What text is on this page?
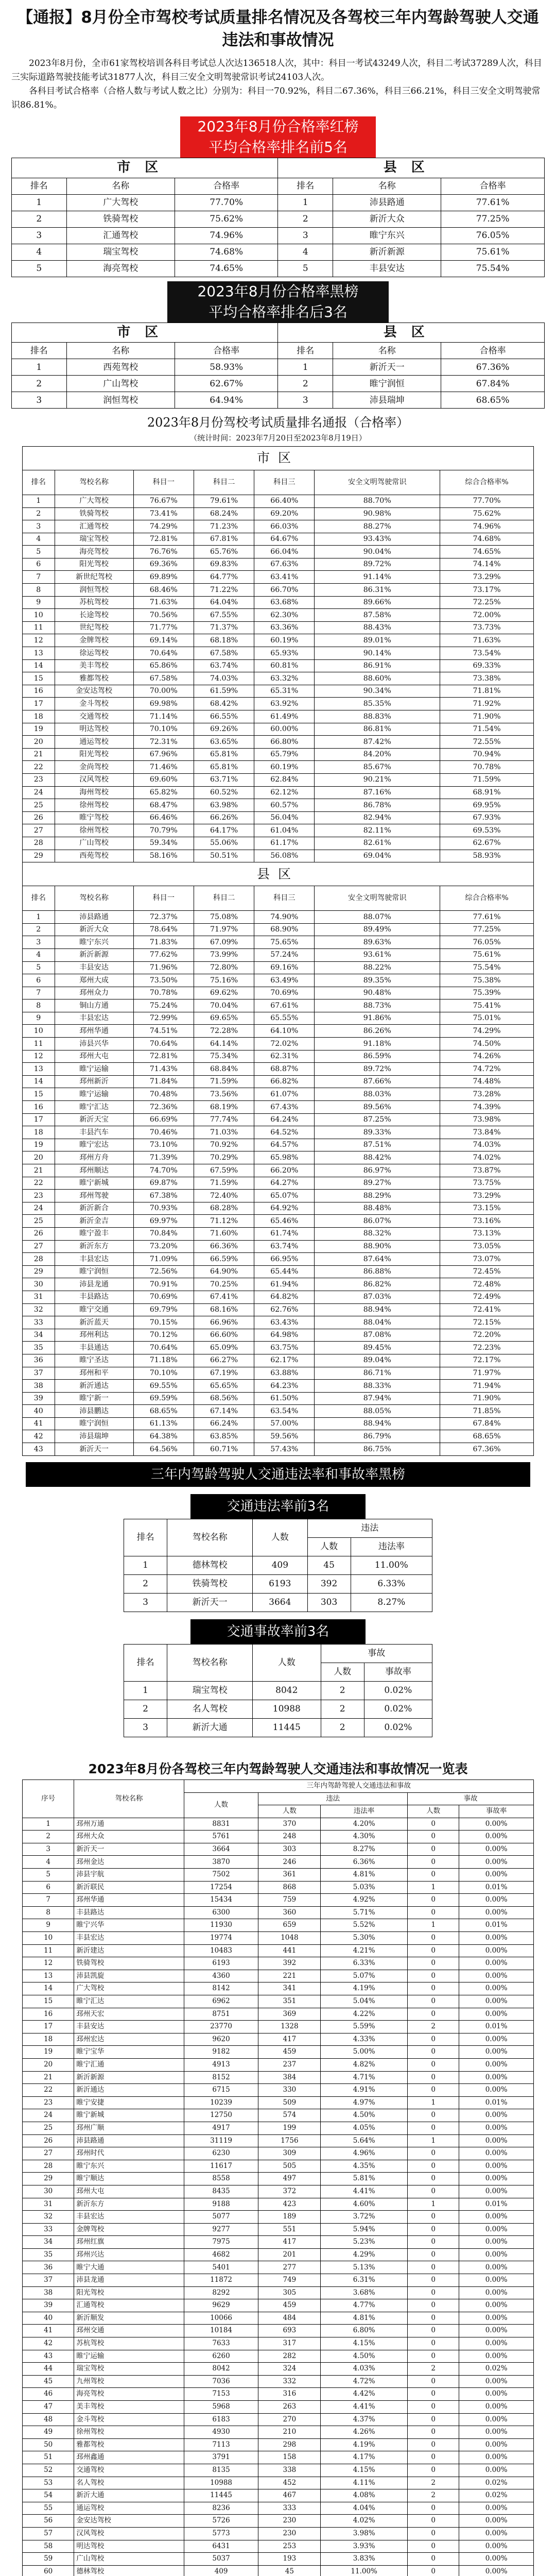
【通报】8月份全市驾校考试质量排名情况及各驾校三年内驾龄驾驶人交通违法和事故情况

2023年8月份，全市61家驾校培训各科目考试总人次达136518人次，其中：科目一考试43249人次，科目二考试37289人次，科目三实际道路驾驶技能考试31877人次，科目三安全文明驾驶常识考试24103人次。

各科目考试合格率（合格人数与考试人数之比）分别为：科目一70.92%，科目二67.36%，科目三66.21%，科目三安全文明驾驶常识86.81%。

2023年8月份合格率红榜
平均合格率排名前5名
市区			县区		
排名	名称	合格率	排名	名称	合格率
1	广大驾校	77.70%	1	沛县路通	77.61%
2	铁骑驾校	75.62%	2	新沂大众	77.25%
3	汇通驾校	74.96%	3	睢宁东兴	76.05%
4	瑞宝驾校	74.68%	4	新沂新源	75.61%
5	海亮驾校	74.65%	5	丰县安达	75.54%
2023年8月份合格率黑榜
平均合格率排名后3名
市区			县区		
排名	名称	合格率	排名	名称	合格率
1	西苑驾校	58.93%	1	新沂天一	67.36%
2	广山驾校	62.67%	2	睢宁润恒	67.84%
3	润恒驾校	64.94%	3	沛县瑞坤	68.65%
2023年8月份驾校考试质量排名通报（合格率）
（统计时间：2023年7月20日至2023年8月19日）
市区						
排名	驾校名称	科目一	科目二	科目三	安全文明驾驶常识	综合合格率%
1	广大驾校	76.67%	79.61%	66.40%	88.70%	77.70%
2	铁骑驾校	73.41%	68.24%	69.20%	90.98%	75.62%
3	汇通驾校	74.29%	71.23%	66.03%	88.27%	74.96%
4	瑞宝驾校	72.81%	67.81%	64.67%	93.43%	74.68%
5	海亮驾校	76.76%	65.76%	66.04%	90.04%	74.65%
6	阳光驾校	69.36%	69.83%	67.63%	89.72%	74.14%
7	新世纪驾校	69.89%	64.77%	63.41%	91.14%	73.29%
8	润恒驾校	68.46%	71.22%	66.70%	86.31%	73.17%
9	苏杭驾校	71.63%	64.04%	63.68%	89.66%	72.25%
10	长途驾校	70.56%	67.55%	62.30%	87.58%	72.00%
11	世纪驾校	71.77%	71.37%	63.36%	88.43%	73.73%
12	金牌驾校	69.14%	68.18%	60.19%	89.01%	71.63%
13	徐运驾校	70.64%	67.58%	65.93%	90.14%	73.54%
14	美丰驾校	65.86%	63.74%	60.81%	86.91%	69.33%
15	雅都驾校	67.58%	74.03%	63.32%	88.60%	73.38%
16	金安达驾校	70.00%	61.59%	65.31%	90.34%	71.81%
17	金斗驾校	69.98%	68.42%	63.92%	85.35%	71.92%
18	交通驾校	71.14%	66.55%	61.49%	88.83%	71.90%
19	明达驾校	70.10%	69.26%	60.00%	86.81%	71.54%
20	通运驾校	72.31%	63.65%	66.80%	87.42%	72.55%
21	阳光驾校	67.96%	65.81%	65.79%	84.20%	70.94%
22	金尚驾校	71.46%	65.81%	60.19%	85.67%	70.78%
23	汉风驾校	69.60%	63.71%	62.84%	90.21%	71.59%
24	海州驾校	65.82%	60.52%	62.12%	87.16%	68.91%
25	徐州驾校	68.47%	63.98%	60.57%	86.78%	69.95%
26	睢宁驾校	66.46%	66.26%	56.04%	82.94%	67.93%
27	徐州驾校	70.79%	64.17%	61.04%	82.11%	69.53%
28	广山驾校	59.34%	55.06%	61.17%	82.61%	62.67%
29	西苑驾校	58.16%	50.51%	56.08%	69.04%	58.93%
县区						
排名	驾校名称	科目一	科目二	科目三	安全文明驾驶常识	综合合格率%
1	沛县路通	72.37%	75.08%	74.90%	88.07%	77.61%
2	新沂大众	78.64%	71.97%	68.90%	89.49%	77.25%
3	睢宁东兴	71.83%	67.09%	75.65%	89.63%	76.05%
4	新沂新源	77.62%	73.99%	57.24%	93.61%	75.61%
5	丰县安达	71.96%	72.80%	69.16%	88.22%	75.54%
6	郑州大成	73.50%	75.16%	63.49%	89.35%	75.38%
7	邳州众力	70.78%	69.62%	70.69%	90.48%	75.39%
8	铜山方通	75.24%	70.04%	67.61%	88.73%	75.41%
9	丰县宏达	72.99%	69.65%	65.55%	91.86%	75.01%
10	邳州华通	74.51%	72.28%	64.10%	86.26%	74.29%
11	沛县兴华	70.64%	64.14%	72.02%	91.18%	74.50%
12	邳州大屯	72.81%	75.34%	62.31%	86.59%	74.26%
13	睢宁运输	71.43%	68.84%	68.87%	89.72%	74.72%
14	邳州新沂	71.84%	71.59%	66.82%	87.66%	74.48%
15	睢宁运输	70.48%	73.56%	61.07%	88.03%	73.28%
16	睢宁汇达	72.36%	68.19%	67.43%	89.56%	74.39%
17	新沂天宝	66.69%	77.74%	64.24%	87.25%	73.98%
18	丰县汽车	70.46%	71.03%	64.52%	89.33%	73.84%
19	睢宁宏达	73.10%	70.92%	64.57%	87.51%	74.03%
20	邳州方舟	71.39%	70.29%	65.98%	88.42%	74.02%
21	邳州顺达	74.70%	67.59%	66.20%	86.97%	73.87%
22	睢宁新城	69.87%	71.59%	64.27%	89.27%	73.75%
23	邳州驾驶	67.38%	72.40%	65.07%	88.29%	73.29%
24	新沂新合	70.93%	68.28%	64.92%	88.48%	73.15%
25	新沂金吉	69.97%	71.12%	65.46%	86.07%	73.16%
26	睢宁盈丰	70.84%	71.60%	61.74%	88.32%	73.13%
27	新沂东方	73.20%	66.36%	63.74%	88.90%	73.05%
28	丰县宏达	71.09%	66.59%	66.95%	87.64%	73.07%
29	睢宁润恒	72.56%	64.90%	65.44%	86.88%	72.45%
30	沛县龙通	70.91%	70.25%	61.94%	86.82%	72.48%
31	丰县路达	70.69%	67.41%	64.82%	87.03%	72.49%
32	睢宁交通	69.79%	68.16%	62.76%	88.94%	72.41%
33	新沂蓝天	70.15%	66.96%	63.43%	88.04%	72.15%
34	邳州利达	70.12%	66.60%	64.98%	87.08%	72.20%
35	丰县通达	70.64%	65.09%	63.75%	89.45%	72.23%
36	睢宁圣达	71.18%	66.27%	62.17%	89.04%	72.17%
37	邳州和平	70.10%	67.19%	63.88%	86.71%	71.97%
38	新沂通达	69.55%	65.65%	64.23%	88.33%	71.94%
39	睢宁新一	69.59%	68.56%	61.50%	87.94%	71.90%
40	沛县鹏达	68.65%	67.14%	63.54%	88.05%	71.85%
41	睢宁润恒	61.13%	66.24%	57.00%	88.94%	67.84%
42	沛县瑞坤	64.38%	63.85%	59.56%	86.79%	68.65%
43	新沂天一	64.56%	60.71%	57.43%	86.75%	67.36%
三年内驾龄驾驶人交通违法率和事故率黑榜
交通违法率前3名
排名	驾校名称	人数	违法	
			人数	违法率
1	德林驾校	409	45	11.00%
2	铁骑驾校	6193	392	6.33%
3	新沂天一	3664	303	8.27%
交通事故率前3名
排名	驾校名称	人数	事故	
			人数	事故率
1	瑞宝驾校	8042	2	0.02%
2	名人驾校	10988	2	0.02%
3	新沂大通	11445	2	0.02%
2023年8月份各驾校三年内驾龄驾驶人交通违法和事故情况一览表
序号	驾校名称	三年内驾龄驾驶人交通违法和事故				
		人数	违法		事故	
			人数	违法率	人数	事故率
1	邳州万通	8831	370	4.20%	0	0.00%
2	邳州大众	5761	248	4.30%	0	0.00%
3	新沂天一	3664	303	8.27%	0	0.00%
4	邳州金达	3870	246	6.36%	0	0.00%
5	沛县宇航	7502	361	4.81%	0	0.00%
6	新沂联民	17254	868	5.03%	1	0.01%
7	邳州华通	15434	759	4.92%	0	0.00%
8	丰县路达	6300	360	5.71%	0	0.00%
9	睢宁兴华	11930	659	5.52%	1	0.01%
10	丰县宏达	19774	1048	5.30%	0	0.00%
11	新沂建达	10483	441	4.21%	0	0.00%
12	铁骑驾校	6193	392	6.33%	0	0.00%
13	沛县凯旋	4360	221	5.07%	0	0.00%
14	广大驾校	8142	341	4.19%	0	0.00%
15	睢宁汇达	6962	351	5.04%	0	0.00%
16	邳州天宏	8751	369	4.22%	0	0.00%
17	丰县安达	23770	1328	5.59%	2	0.01%
18	邳州宏达	9620	417	4.33%	0	0.00%
19	睢宁宝华	9182	459	5.00%	0	0.00%
20	睢宁汇通	4913	237	4.82%	0	0.00%
21	新沂新源	8152	384	4.71%	0	0.00%
22	新沂通达	6715	330	4.91%	0	0.00%
23	睢宁安捷	10239	509	4.97%	1	0.01%
24	睢宁新城	12750	574	4.50%	0	0.00%
25	邳州广顺	4917	199	4.05%	0	0.00%
26	沛县路通	31119	1756	5.64%	1	0.00%
27	邳州时代	6230	309	4.96%	0	0.00%
28	睢宁东兴	11617	505	4.35%	0	0.00%
29	睢宁顺达	8558	497	5.81%	0	0.00%
30	邳州大屯	8435	372	4.41%	0	0.00%
31	新沂东方	9188	423	4.60%	1	0.01%
32	丰县宏达	5077	189	3.72%	0	0.00%
33	金牌驾校	9277	551	5.94%	0	0.00%
34	邳州红旗	7975	417	5.23%	0	0.00%
35	邳州兴达	4682	201	4.29%	0	0.00%
36	睢宁大通	5401	277	5.13%	0	0.00%
37	沛县龙通	11872	749	6.31%	0	0.00%
38	阳光驾校	8292	305	3.68%	0	0.00%
39	汇通驾校	9629	459	4.77%	0	0.00%
40	新沂顺发	10066	484	4.81%	0	0.00%
41	邳州交通	10184	693	6.80%	0	0.00%
42	苏杭驾校	7633	317	4.15%	0	0.00%
43	睢宁运输	6260	282	4.50%	0	0.00%
44	瑞宝驾校	8042	324	4.03%	2	0.02%
45	九州驾校	7036	332	4.72%	0	0.00%
46	海亮驾校	7153	316	4.42%	0	0.00%
47	美丰驾校	5968	263	4.41%	0	0.00%
48	金斗驾校	6183	270	4.37%	0	0.00%
49	徐州驾校	4930	210	4.26%	0	0.00%
50	雅都驾校	7113	298	4.19%	0	0.00%
51	邳州鑫通	3791	158	4.17%	0	0.00%
52	交通驾校	8135	338	4.15%	0	0.00%
53	名人驾校	10988	452	4.11%	2	0.02%
54	新沂大通	11445	467	4.08%	2	0.02%
55	通运驾校	8236	333	4.04%	0	0.00%
56	金安达驾校	5726	230	4.02%	0	0.00%
57	汉风驾校	5773	230	3.98%	0	0.00%
58	明达驾校	6431	253	3.93%	0	0.00%
59	广山驾校	5037	193	3.83%	0	0.00%
60	德林驾校	409	45	11.00%	0	0.00%
